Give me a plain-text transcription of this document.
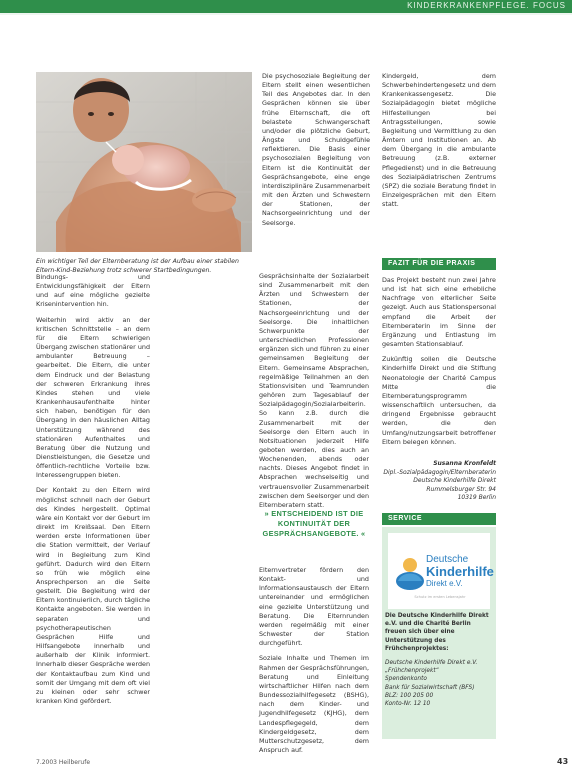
KINDERKRANKENPFLEGE. FOCUS
Ein wichtiger Teil der Elternberatung ist der Aufbau einer stabilen Eltern-Kind-Beziehung trotz schwerer Startbedingungen.

Die psychosoziale Begleitung der Eltern stellt einen wesentlichen Teil des Angebotes dar. In den Gesprächen können sie über frühe Elternschaft, die oft belastete Schwangerschaft und/oder die plötzliche Geburt, Ängste und Schuldgefühle reflektieren. Die Basis einer psychosozialen Begleitung von Eltern ist die Kontinuität der Gesprächsangebote, eine enge interdisziplinäre Zusammenarbeit mit den Ärzten und Schwestern der Stationen, der Nachsorgeeinrichtung und der Seelsorge.

Kindergeld, dem Schwerbehindertengesetz und dem Krankenkassengesetz. Die Sozialpädagogin bietet mögliche Hilfestellungen bei Antragsstellungen, sowie Begleitung und Vermittlung zu den Ämtern und Institutionen an. Ab dem Übergang in die ambulante Betreuung (z.B. externer Pflegedienst) und in die Betreuung des Sozialpädiatrischen Zentrums (SPZ) die soziale Beratung findet in Einzelgesprächen mit den Eltern statt.

Bindungs- und Entwicklungsfähigkeit der Eltern und auf eine mögliche gezielte Krisenintervention hin.

Weiterhin wird aktiv an der kritischen Schnittstelle – an dem für die Eltern schwierigen Übergang zwischen stationärer und ambulanter Betreuung – gearbeitet. Die Eltern, die unter dem Eindruck und der Belastung der schweren Erkrankung ihres Kindes stehen und viele Krankenhausaufenthalte hinter sich haben, benötigen für den Übergang in den häuslichen Alltag Unterstützung während des stationären Aufenthaltes und Beratung über die Nutzung und Dienstleistungen, die Gesetze und öffentlich-rechtliche Vorteile bzw. Interessengruppen bieten.

Der Kontakt zu den Eltern wird möglichst schnell nach der Geburt des Kindes hergestellt. Optimal wäre ein Kontakt vor der Geburt im direkt im Kreißsaal. Den Eltern werden erste Informationen über die Station vermittelt, der Verlauf wird in Begleitung zum Kind geführt. Dadurch wird den Eltern so früh wie möglich eine Ansprechperson an die Seite gestellt. Die Begleitung wird der Eltern kontinuierlich, durch tägliche Kontakte angeboten. Sie werden in separaten und psychotherapeutischen Gesprächen Hilfe und Hilfsangebote innerhalb und außerhalb der Klinik informiert. Innerhalb dieser Gespräche werden der Kontaktaufbau zum Kind und somit der Umgang mit dem oft viel zu kleinen oder sehr schwer kranken Kind gefördert.

Gesprächsinhalte der Sozialarbeit sind Zusammenarbeit mit den Ärzten und Schwestern der Stationen, der Nachsorgeeinrichtung und der Seelsorge. Die inhaltlichen Schwerpunkte der unterschiedlichen Professionen ergänzen sich und führen zu einer gemeinsamen Begleitung der Eltern. Gemeinsame Absprachen, regelmäßige Teilnahmen an den Stationsvisiten und Teamrunden gehören zum Tagesablauf der Sozialpädagogin/Sozialarbeiterin. So kann z.B. durch die Zusammenarbeit mit der Seelsorge den Eltern auch in Notsituationen jederzeit Hilfe geboten werden, dies auch an Wochenenden, abends oder nachts. Dieses Angebot findet in Absprachen wechselseitig und vertrauensvoller Zusammenarbeit zwischen dem Seelsorger und den Elternberatern statt.

» ENTSCHEIDEND IST DIE KONTINUITÄT DER GESPRÄCHSANGEBOTE. «

Elternvertreter fördern den Kontakt- und Informationsaustausch der Eltern untereinander und ermöglichen eine gezielte Unterstützung und Beratung. Die Elternrunden werden regelmäßig mit einer Schwester der Station durchgeführt.

Soziale Inhalte und Themen im Rahmen der Gesprächsführungen, Beratung und Einleitung wirtschaftlicher Hilfen nach dem Bundessozialhilfegesetz (BSHG), nach dem Kinder- und Jugendhilfegesetz (KJHG), dem Landespflegegeld, dem Kindergeldgesetz, dem Mutterschutzgesetz, dem Anspruch auf.

FAZIT FÜR DIE PRAXIS

Das Projekt besteht nun zwei Jahre und ist hat sich eine erhebliche Nachfrage von elterlicher Seite gezeigt. Auch aus Stationspersonal empfand die Arbeit der Elternberaterin im Sinne der Ergänzung und Entlastung im gesamten Stationsablauf.

Zukünftig sollen die Deutsche Kinderhilfe Direkt und die Stiftung Neonatologie der Charité Campus Mitte die Elternberatungsprogramm wissenschaftlich untersuchen, da dringend Ergebnisse gebraucht werden, die den Umfang/nutzungsarbeit betroffener Eltern belegen können.

Susanna Kronfeldt
Dipl.-Sozialpädagogin/Elternberaterin
Deutsche Kinderhilfe Direkt
Rummelsburger Str. 94
10319 Berlin
SERVICE
Deutsche
Kinderhilfe
Direkt e.V.
Schutz im ersten Lebensjahr
Die Deutsche Kinderhilfe Direkt e.V. und die Charité Berlin freuen sich über eine Unterstützung des Frühchenprojektes:
Deutsche Kinderhilfe Direkt e.V.
„Frühchenprojekt“
Spendenkonto
Bank für Sozialwirtschaft (BFS)
BLZ: 100 205 00
Konto-Nr. 12 10
7.2003 Heilberufe	43
